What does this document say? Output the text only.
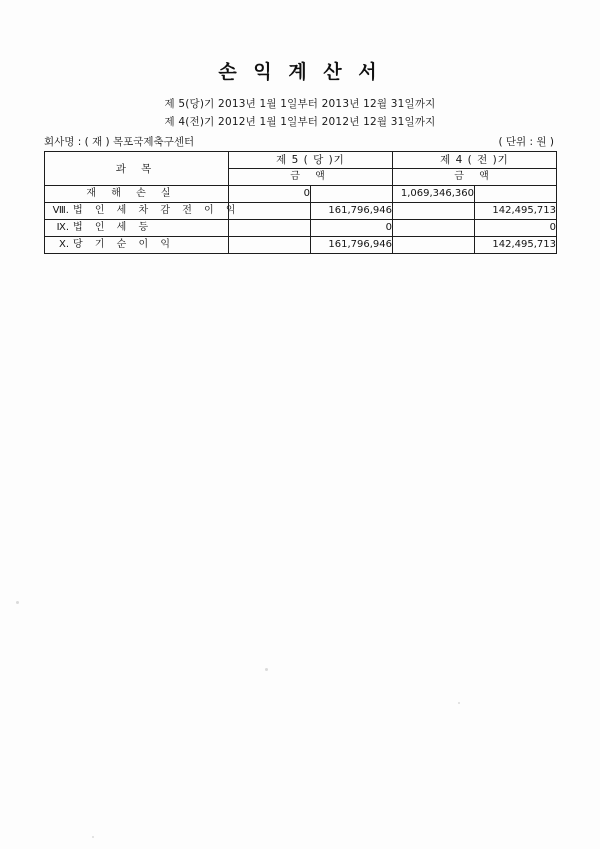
손 익 계 산 서
제 5(당)기 2013년 1월 1일부터 2013년 12월 31일까지
제 4(전)기 2012년 1월 1일부터 2012년 12월 31일까지
회사명 : ( 재 ) 목포국제축구센터	( 단위 : 원 )
과 목	제 5 ( 당 )기		제 4 ( 전 )기	
	금 액		금 액	

재 해 손 실	0		1,069,346,360	
Ⅷ. 법 인 세 차 감 전 이 익		161,796,946		142,495,713
Ⅸ. 법 인 세 등		0		0
Ⅹ. 당 기 순 이 익		161,796,946		142,495,713
